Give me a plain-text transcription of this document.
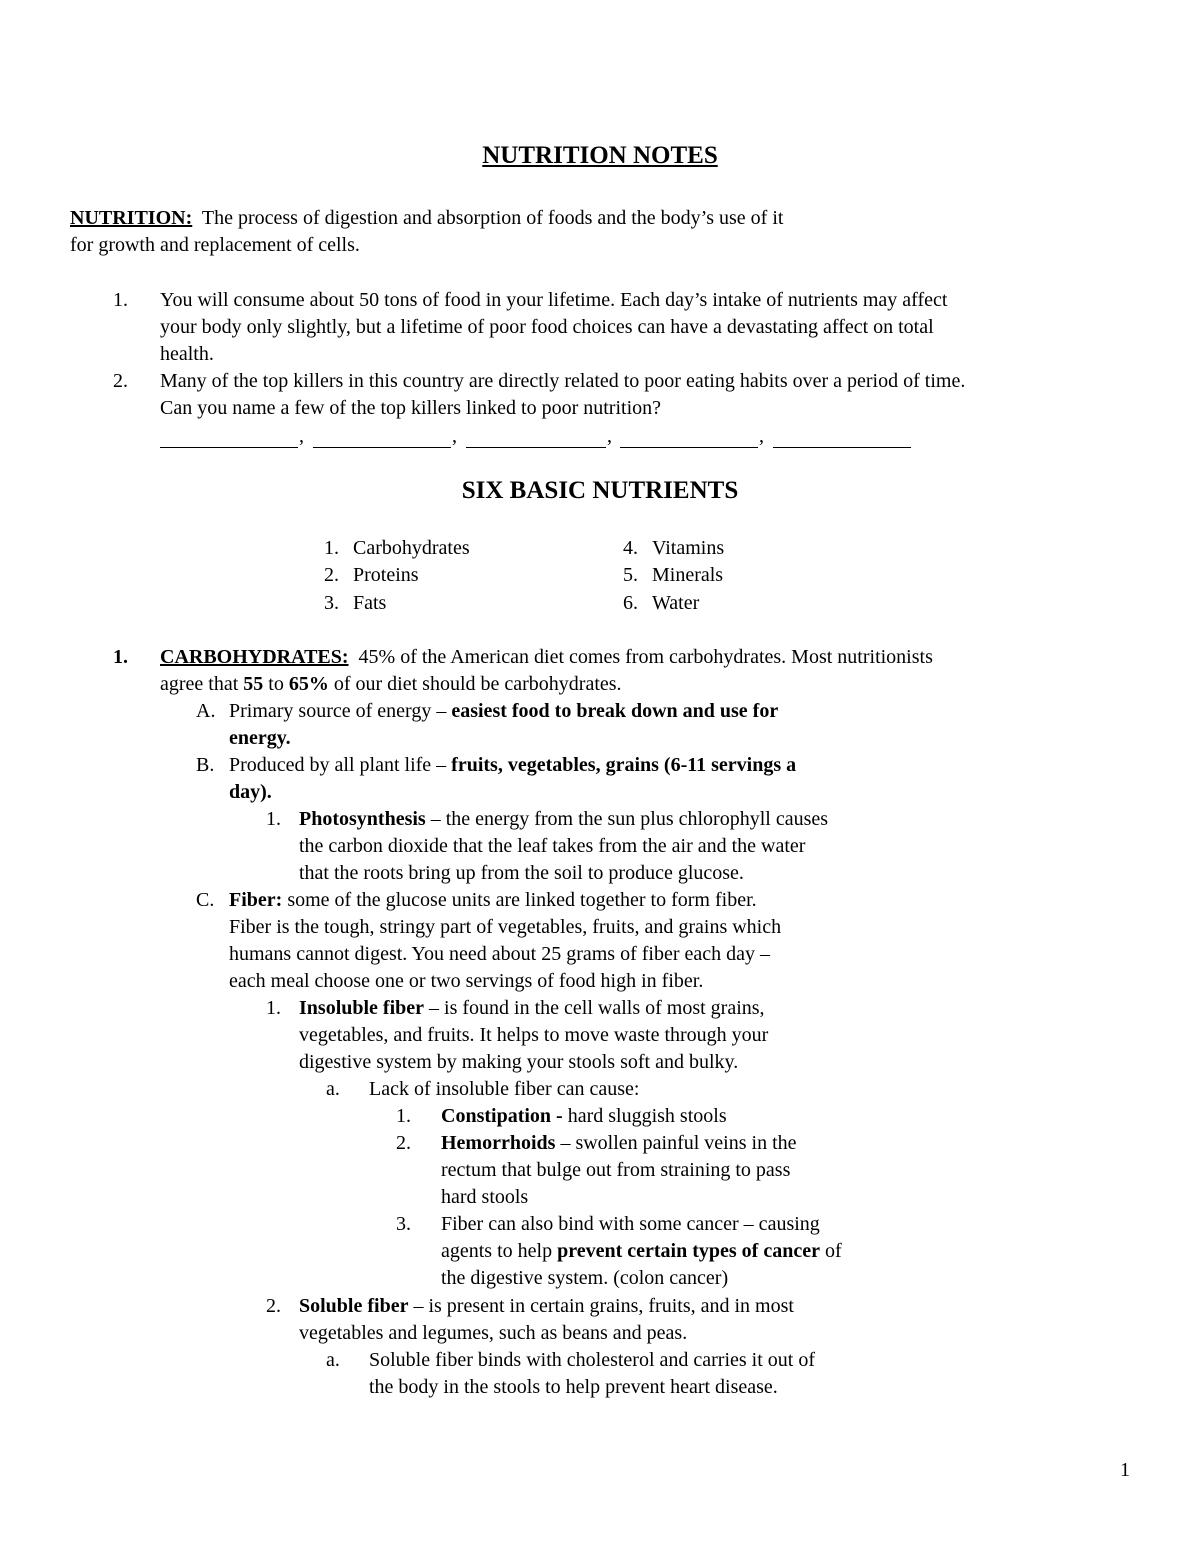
NUTRITION NOTES
NUTRITION: The process of digestion and absorption of foods and the body’s use of it
for growth and replacement of cells.
1. You will consume about 50 tons of food in your lifetime. Each day’s intake of nutrients may affect
your body only slightly, but a lifetime of poor food choices can have a devastating affect on total
health.
2. Many of the top killers in this country are directly related to poor eating habits over a period of time.
Can you name a few of the top killers linked to poor nutrition?
,	,	,	,
SIX BASIC NUTRIENTS
1. Carbohydrates
2. Proteins
3. Fats
4. Vitamins
5. Minerals
6. Water
1. CARBOHYDRATES: 45% of the American diet comes from carbohydrates. Most nutritionists
agree that 55 to 65% of our diet should be carbohydrates.
A. Primary source of energy – easiest food to break down and use for
energy.
B. Produced by all plant life – fruits, vegetables, grains (6-11 servings a
day).
1. Photosynthesis – the energy from the sun plus chlorophyll causes
the carbon dioxide that the leaf takes from the air and the water
that the roots bring up from the soil to produce glucose.
C. Fiber: some of the glucose units are linked together to form fiber.
Fiber is the tough, stringy part of vegetables, fruits, and grains which
humans cannot digest. You need about 25 grams of fiber each day –
each meal choose one or two servings of food high in fiber.
1. Insoluble fiber – is found in the cell walls of most grains,
vegetables, and fruits. It helps to move waste through your
digestive system by making your stools soft and bulky.
a. Lack of insoluble fiber can cause:
1. Constipation - hard sluggish stools
2. Hemorrhoids – swollen painful veins in the
rectum that bulge out from straining to pass
hard stools
3. Fiber can also bind with some cancer – causing
agents to help prevent certain types of cancer of
the digestive system. (colon cancer)
2. Soluble fiber – is present in certain grains, fruits, and in most
vegetables and legumes, such as beans and peas.
a. Soluble fiber binds with cholesterol and carries it out of
the body in the stools to help prevent heart disease.
1
